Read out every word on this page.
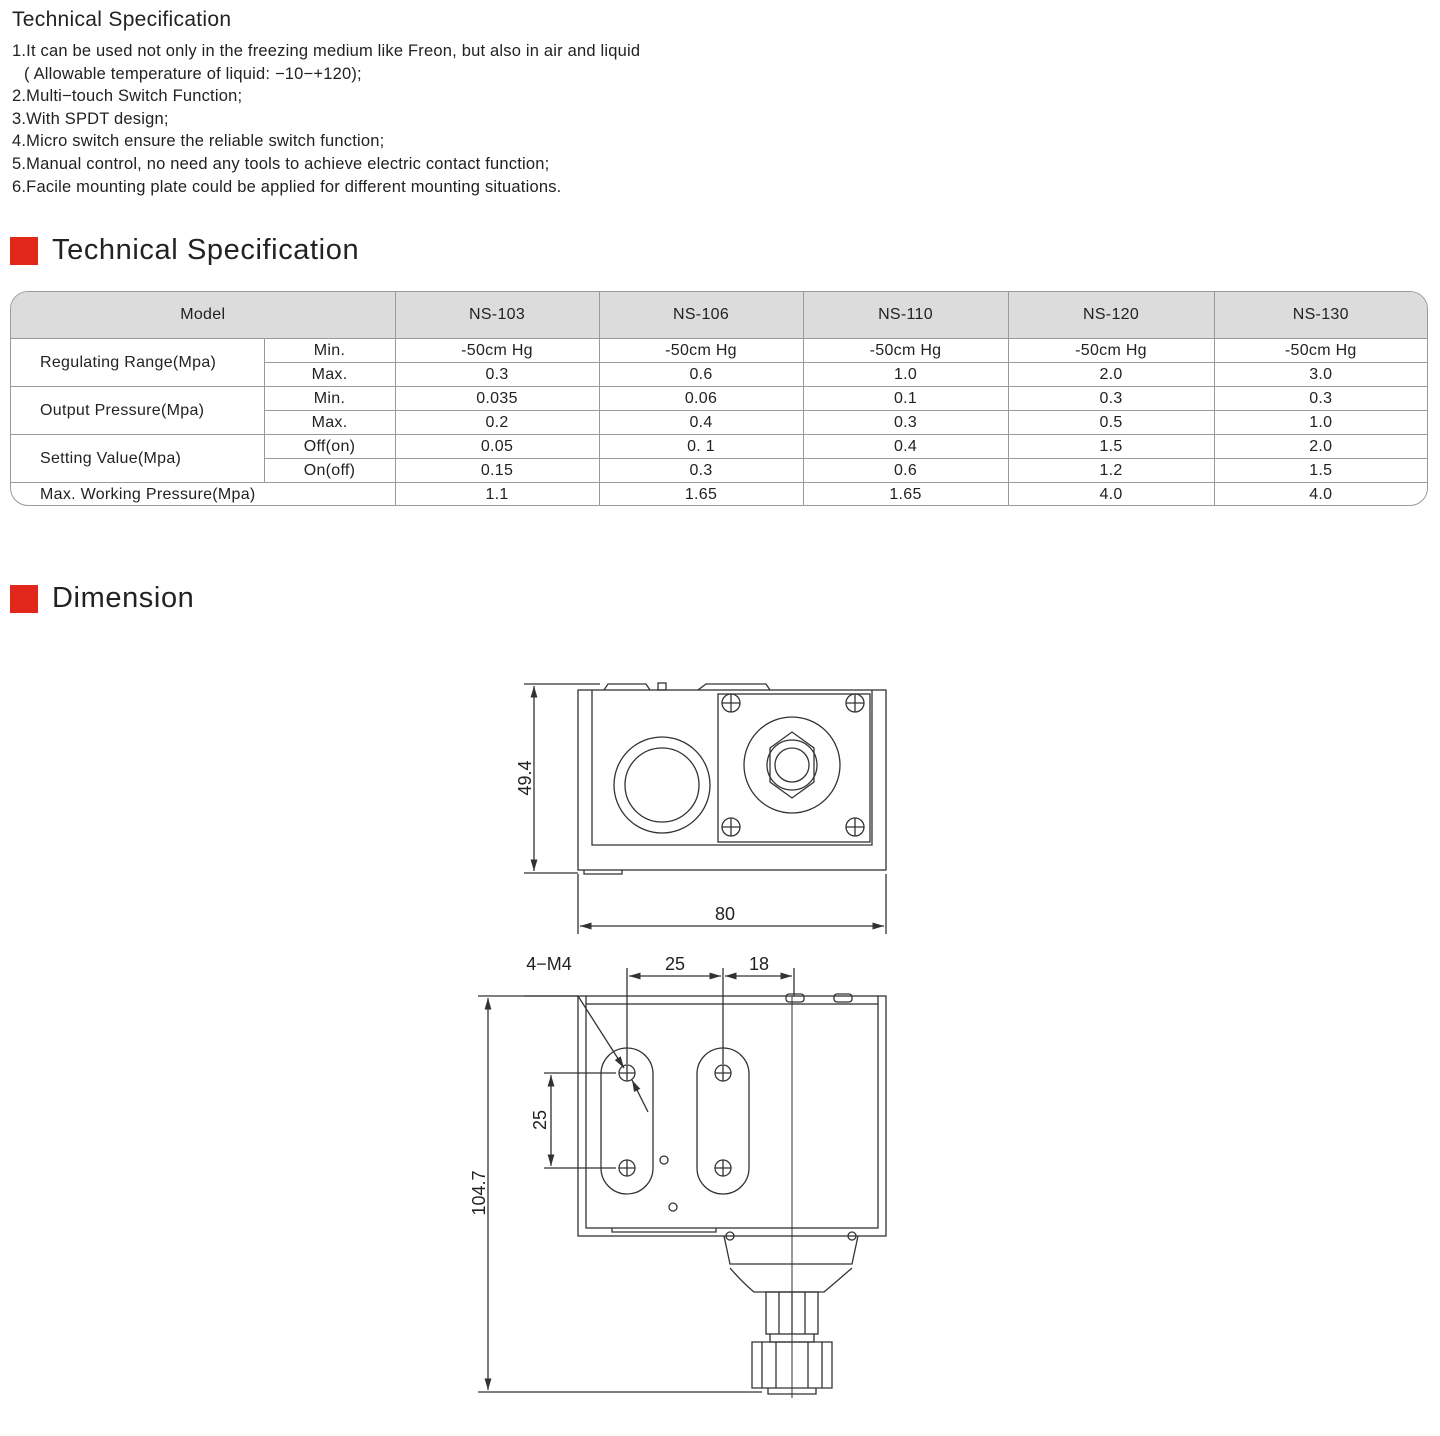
Technical Specification
1.It can be used not only in the freezing medium like Freon, but also in air and liquid
( Allowable temperature of liquid: −10−+120);
2.Multi−touch Switch Function;
3.With SPDT design;
4.Micro switch ensure the reliable switch function;
5.Manual control, no need any tools to achieve electric contact function;
6.Facile mounting plate could be applied for different mounting situations.
Technical Specification
Model		NS-103	NS-106	NS-110	NS-120	NS-130
Regulating Range(Mpa)	Min.	-50cm Hg	-50cm Hg	-50cm Hg	-50cm Hg	-50cm Hg
	Max.	0.3	0.6	1.0	2.0	3.0
Output Pressure(Mpa)	Min.	0.035	0.06	0.1	0.3	0.3
	Max.	0.2	0.4	0.3	0.5	1.0
Setting Value(Mpa)	Off(on)	0.05	0. 1	0.4	1.5	2.0
	On(off)	0.15	0.3	0.6	1.2	1.5
Max. Working Pressure(Mpa)		1.1	1.65	1.65	4.0	4.0
Dimension
49.4
80
4−M4	25	18
25
104.7
